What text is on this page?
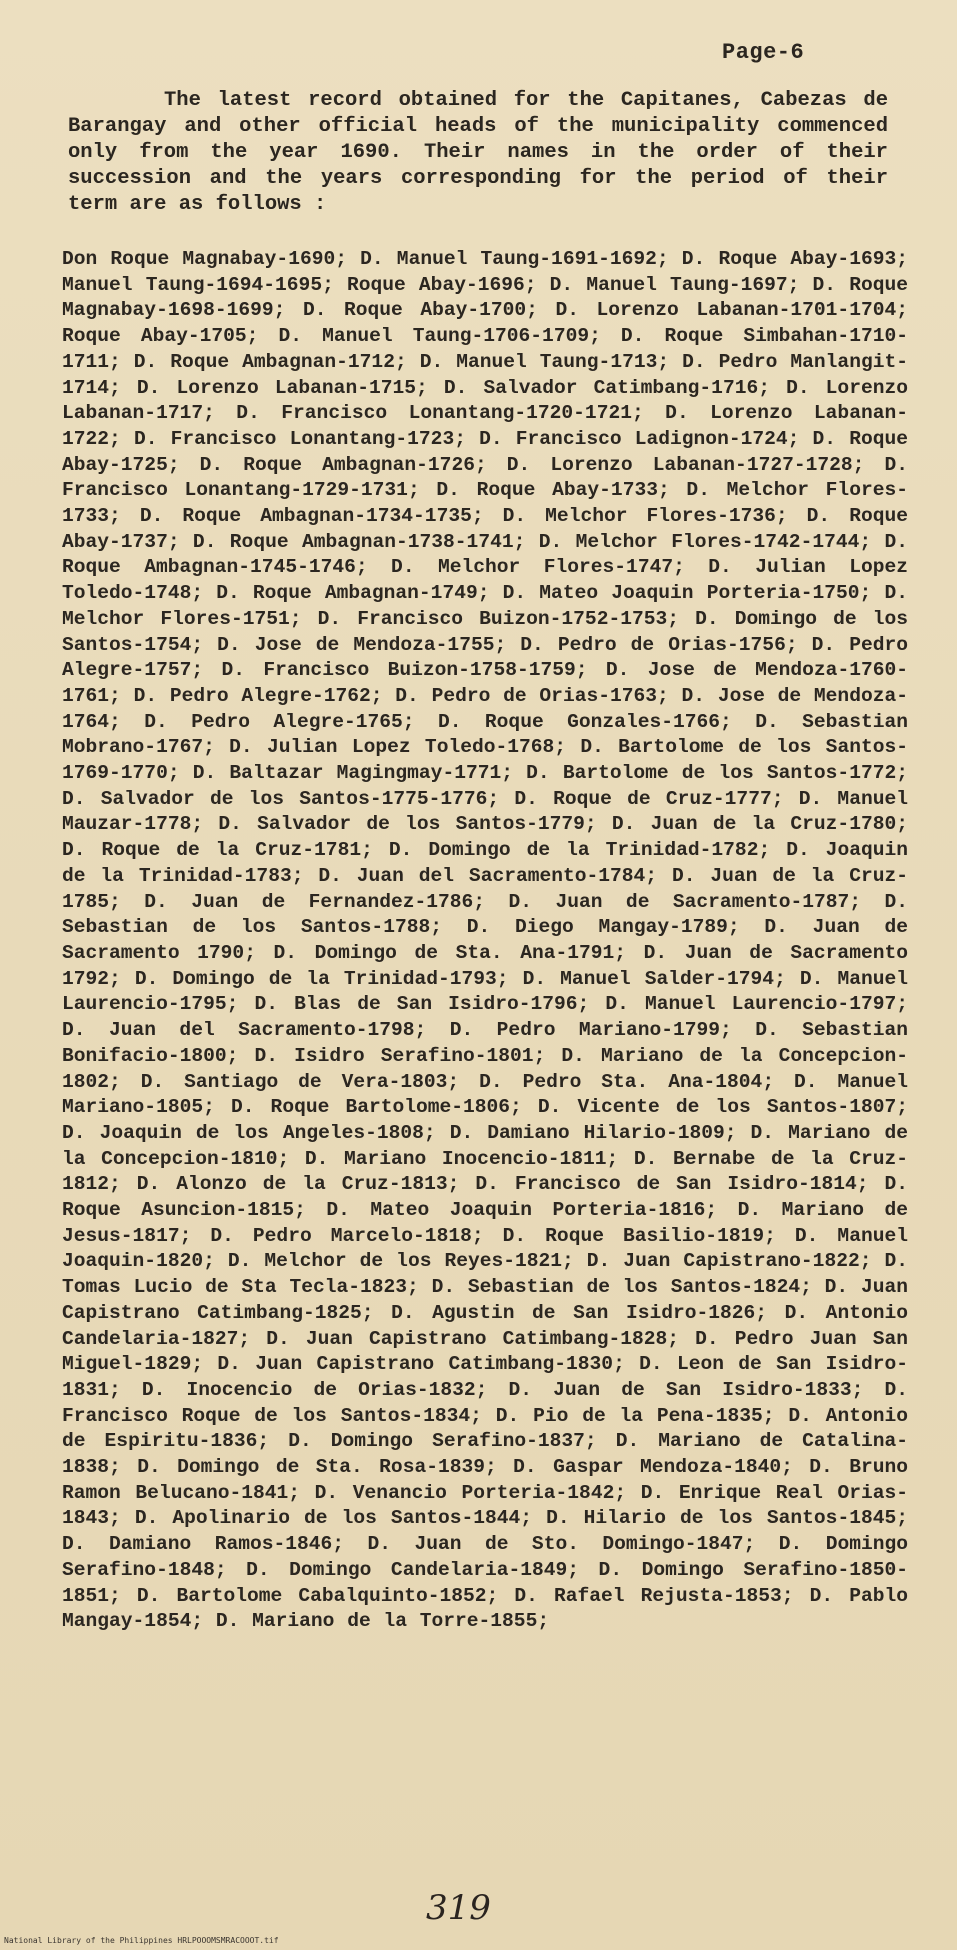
Page-6

The latest record obtained for the Capitanes, Cabezas de Barangay and other official heads of the municipality commenced only from the year 1690. Their names in the order of their succession and the years corresponding for the period of their term are as follows :

Don Roque Magnabay-1690; D. Manuel Taung-1691-1692; D. Roque Abay-1693; Manuel Taung-1694-1695; Roque Abay-1696; D. Manuel Taung-1697; D. Roque Magnabay-1698-1699; D. Roque Abay-1700; D. Lorenzo Labanan-1701-1704; Roque Abay-1705; D. Manuel Taung-1706-1709; D. Roque Simbahan-1710-1711; D. Roque Ambagnan-1712; D. Manuel Taung-1713; D. Pedro Manlangit-1714; D. Lorenzo Labanan-1715; D. Salvador Catimbang-1716; D. Lorenzo Labanan-1717; D. Francisco Lonantang-1720-1721; D. Lorenzo Labanan-1722; D. Francisco Lonantang-1723; D. Francisco Ladignon-1724; D. Roque Abay-1725; D. Roque Ambagnan-1726; D. Lorenzo Labanan-1727-1728; D. Francisco Lonantang-1729-1731; D. Roque Abay-1733; D. Melchor Flores-1733; D. Roque Ambagnan-1734-1735; D. Melchor Flores-1736; D. Roque Abay-1737; D. Roque Ambagnan-1738-1741; D. Melchor Flores-1742-1744; D. Roque Ambagnan-1745-1746; D. Melchor Flores-1747; D. Julian Lopez Toledo-1748; D. Roque Ambagnan-1749; D. Mateo Joaquin Porteria-1750; D. Melchor Flores-1751; D. Francisco Buizon-1752-1753; D. Domingo de los Santos-1754; D. Jose de Mendoza-1755; D. Pedro de Orias-1756; D. Pedro Alegre-1757; D. Francisco Buizon-1758-1759; D. Jose de Mendoza-1760-1761; D. Pedro Alegre-1762; D. Pedro de Orias-1763; D. Jose de Mendoza-1764; D. Pedro Alegre-1765; D. Roque Gonzales-1766; D. Sebastian Mobrano-1767; D. Julian Lopez Toledo-1768; D. Bartolome de los Santos-1769-1770; D. Baltazar Magingmay-1771; D. Bartolome de los Santos-1772; D. Salvador de los Santos-1775-1776; D. Roque de Cruz-1777; D. Manuel Mauzar-1778; D. Salvador de los Santos-1779; D. Juan de la Cruz-1780; D. Roque de la Cruz-1781; D. Domingo de la Trinidad-1782; D. Joaquin de la Trinidad-1783; D. Juan del Sacramento-1784; D. Juan de la Cruz-1785; D. Juan de Fernandez-1786; D. Juan de Sacramento-1787; D. Sebastian de los Santos-1788; D. Diego Mangay-1789; D. Juan de Sacramento 1790; D. Domingo de Sta. Ana-1791; D. Juan de Sacramento 1792; D. Domingo de la Trinidad-1793; D. Manuel Salder-1794; D. Manuel Laurencio-1795; D. Blas de San Isidro-1796; D. Manuel Laurencio-1797; D. Juan del Sacramento-1798; D. Pedro Mariano-1799; D. Sebastian Bonifacio-1800; D. Isidro Serafino-1801; D. Mariano de la Concepcion-1802; D. Santiago de Vera-1803; D. Pedro Sta. Ana-1804; D. Manuel Mariano-1805; D. Roque Bartolome-1806; D. Vicente de los Santos-1807; D. Joaquin de los Angeles-1808; D. Damiano Hilario-1809; D. Mariano de la Concepcion-1810; D. Mariano Inocencio-1811; D. Bernabe de la Cruz-1812; D. Alonzo de la Cruz-1813; D. Francisco de San Isidro-1814; D. Roque Asuncion-1815; D. Mateo Joaquin Porteria-1816; D. Mariano de Jesus-1817; D. Pedro Marcelo-1818; D. Roque Basilio-1819; D. Manuel Joaquin-1820; D. Melchor de los Reyes-1821; D. Juan Capistrano-1822; D. Tomas Lucio de Sta Tecla-1823; D. Sebastian de los Santos-1824; D. Juan Capistrano Catimbang-1825; D. Agustin de San Isidro-1826; D. Antonio Candelaria-1827; D. Juan Capistrano Catimbang-1828; D. Pedro Juan San Miguel-1829; D. Juan Capistrano Catimbang-1830; D. Leon de San Isidro-1831; D. Inocencio de Orias-1832; D. Juan de San Isidro-1833; D. Francisco Roque de los Santos-1834; D. Pio de la Pena-1835; D. Antonio de Espiritu-1836; D. Domingo Serafino-1837; D. Mariano de Catalina-1838; D. Domingo de Sta. Rosa-1839; D. Gaspar Mendoza-1840; D. Bruno Ramon Belucano-1841; D. Venancio Porteria-1842; D. Enrique Real Orias-1843; D. Apolinario de los Santos-1844; D. Hilario de los Santos-1845; D. Damiano Ramos-1846; D. Juan de Sto. Domingo-1847; D. Domingo Serafino-1848; D. Domingo Candelaria-1849; D. Domingo Serafino-1850-1851; D. Bartolome Cabalquinto-1852; D. Rafael Rejusta-1853; D. Pablo Mangay-1854; D. Mariano de la Torre-1855;

319
National Library of the Philippines HRLPOOOMSMRACOOOT.tif
